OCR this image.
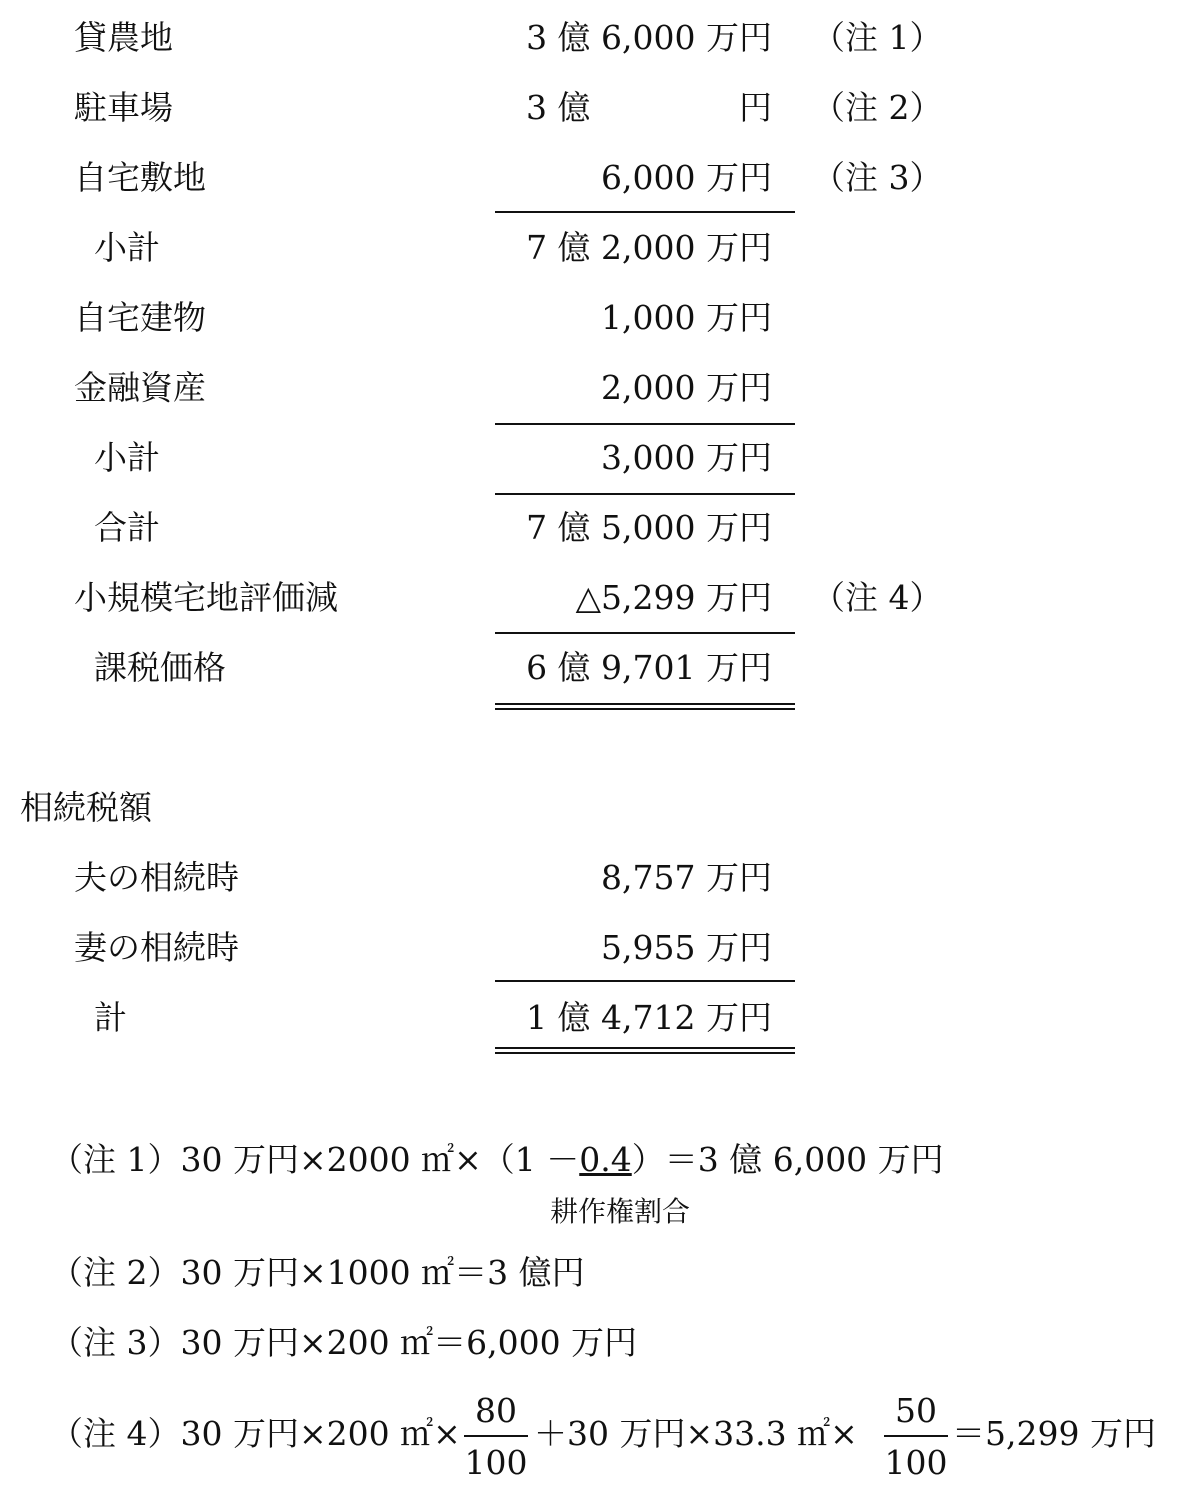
貸農地	3 億 6,000 万円 （注 1）
駐車場	3 億	円 （注 2）
自宅敷地	6,000 万円 （注 3）
小計	7 億 2,000 万円
自宅建物	1,000 万円
金融資産	2,000 万円
小計	3,000 万円
合計	7 億 5,000 万円
小規模宅地評価減	△5,299 万円 （注 4）
課税価格	6 億 9,701 万円
相続税額
夫の相続時	8,757 万円
妻の相続時	5,955 万円
計	1 億 4,712 万円
（注 1）30 万円×2000 ㎡×（1 －0.4）＝3 億 6,000 万円
耕作権割合
（注 2）30 万円×1000 ㎡＝3 億円
（注 3）30 万円×200 ㎡＝6,000 万円
（注 4）30 万円×200 ㎡×
80
100
＋30 万円×33.3 ㎡×
50
100
＝5,299 万円
